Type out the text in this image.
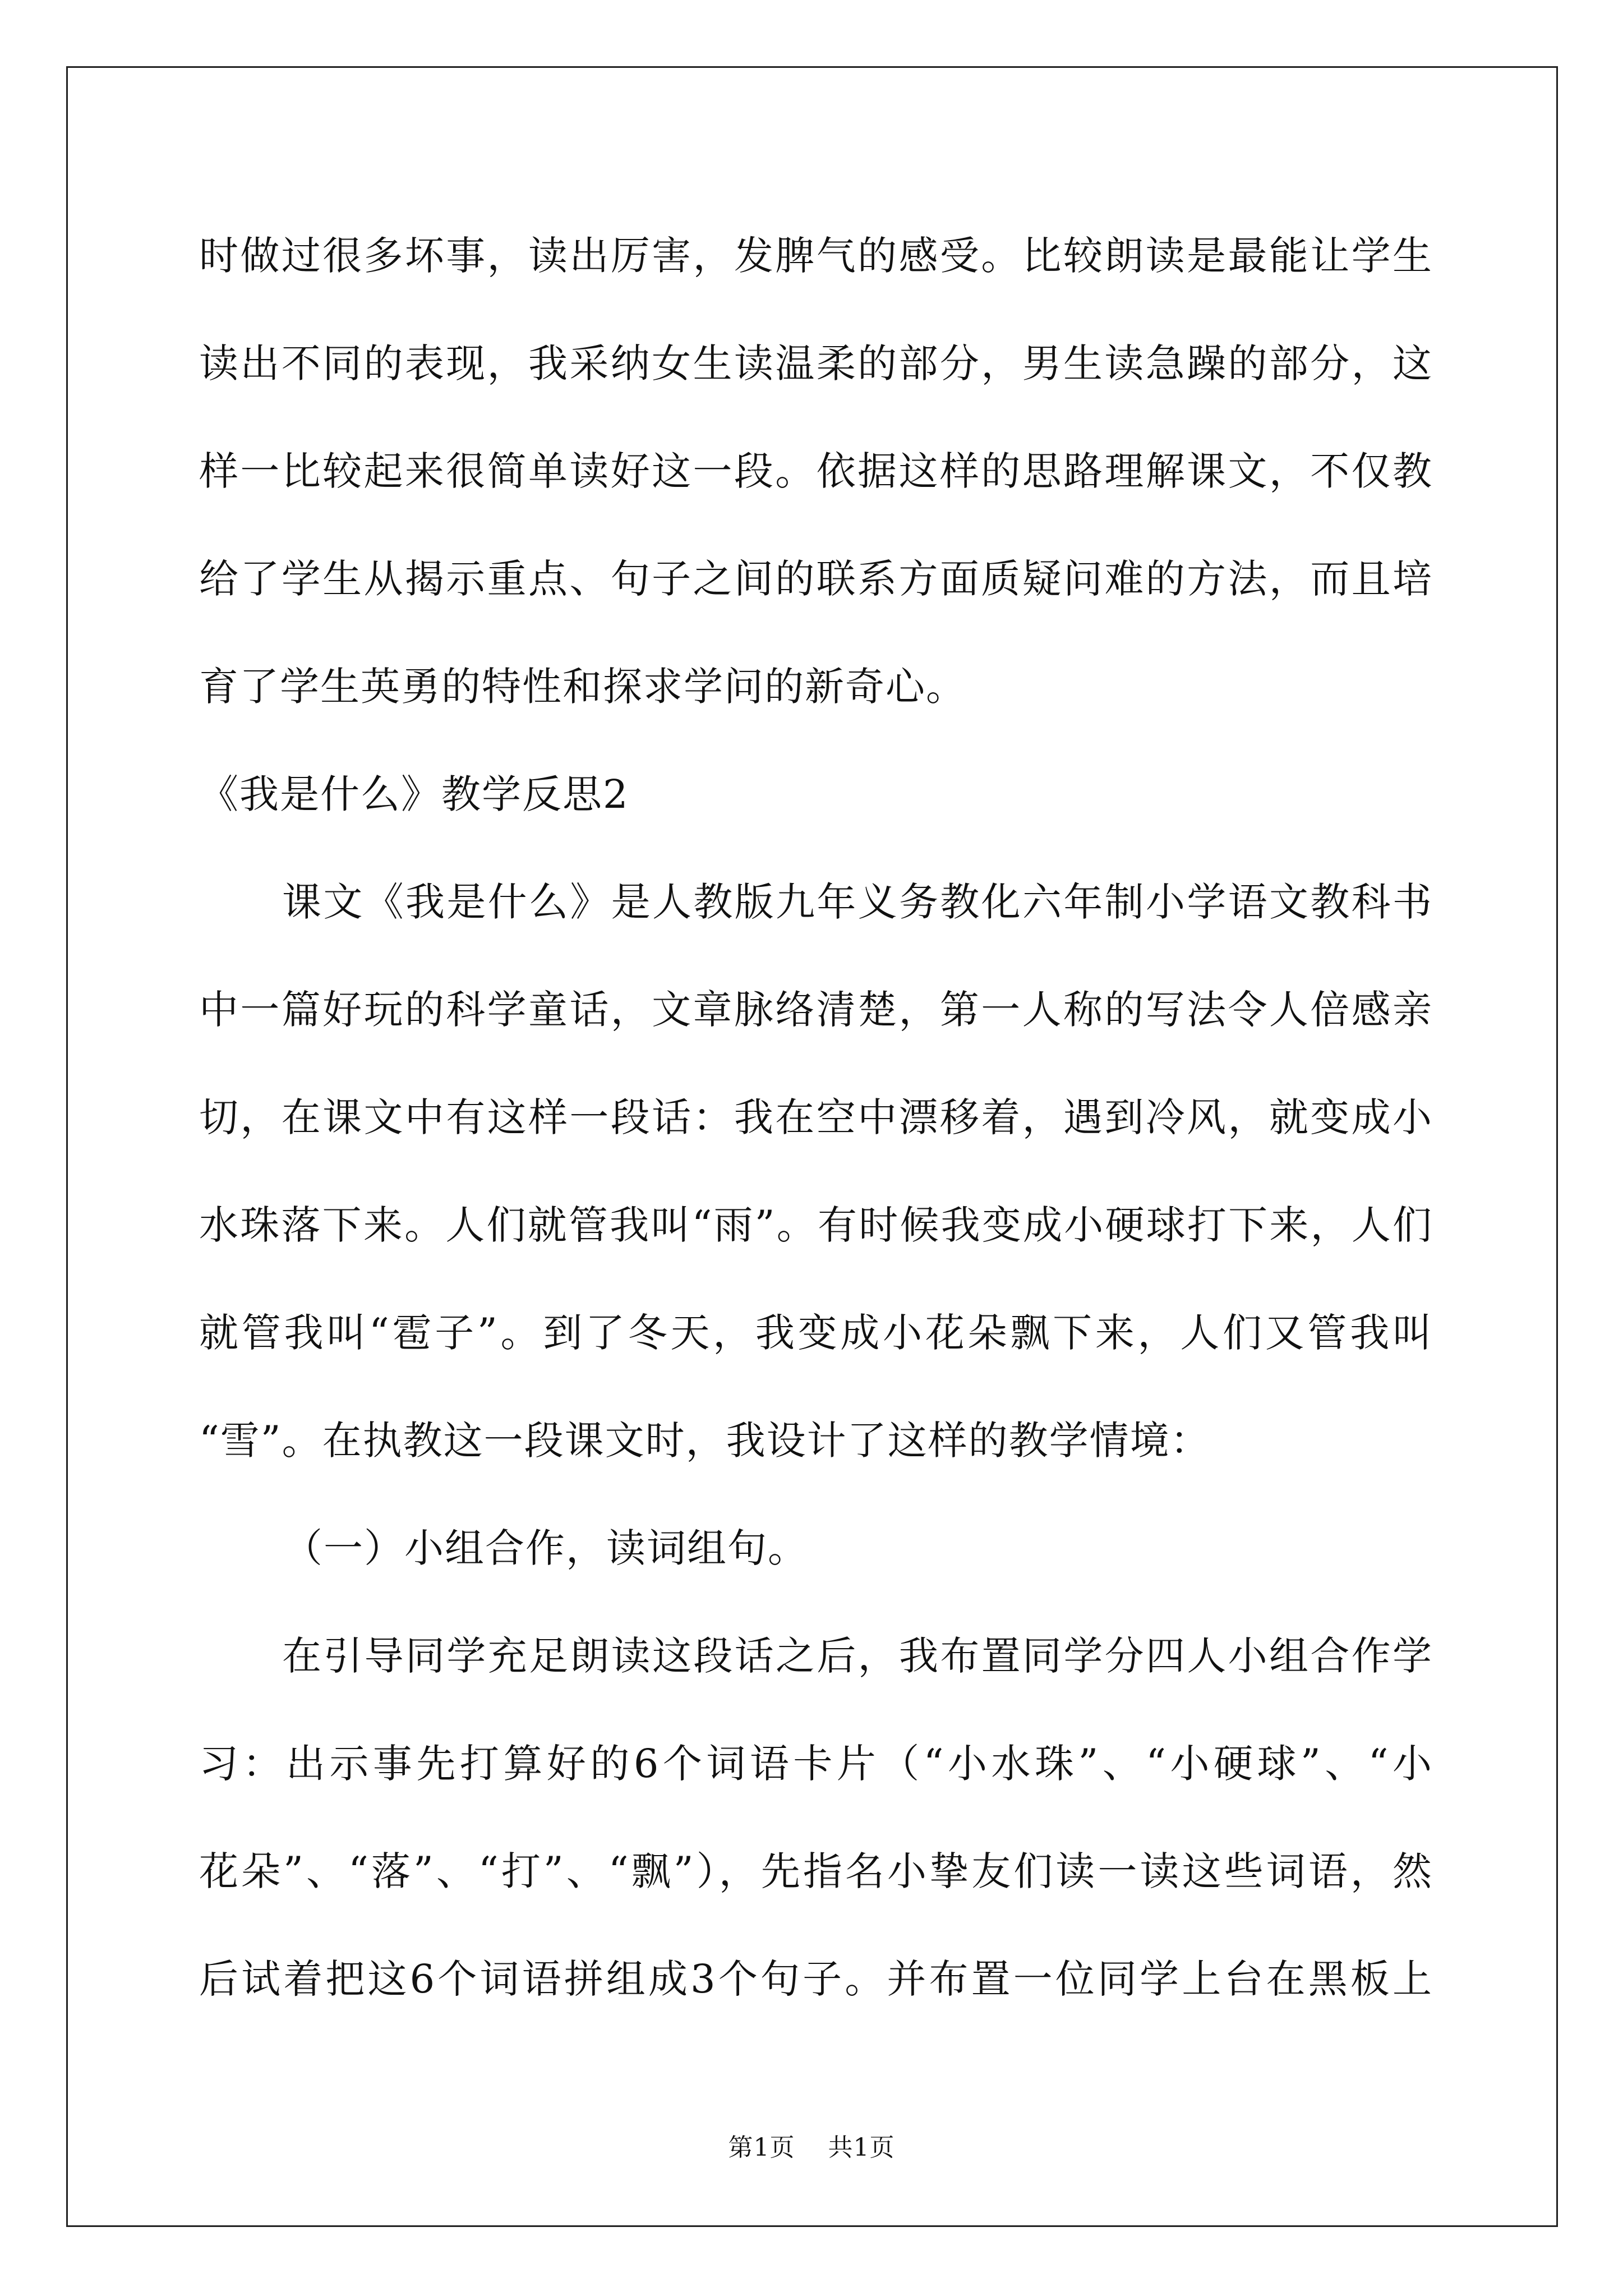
时做过很多坏事，读出厉害，发脾气的感受。比较朗读是最能让学生
读出不同的表现，我采纳女生读温柔的部分，男生读急躁的部分，这
样一比较起来很简单读好这一段。依据这样的思路理解课文，不仅教
给了学生从揭示重点、句子之间的联系方面质疑问难的方法，而且培
育了学生英勇的特性和探求学问的新奇心。
《我是什么》教学反思2
课文《我是什么》是人教版九年义务教化六年制小学语文教科书
中一篇好玩的科学童话，文章脉络清楚，第一人称的写法令人倍感亲
切，在课文中有这样一段话：我在空中漂移着，遇到冷风，就变成小
水珠落下来。人们就管我叫“雨”。有时候我变成小硬球打下来，人们
就管我叫“雹子”。到了冬天，我变成小花朵飘下来，人们又管我叫
“雪”。在执教这一段课文时，我设计了这样的教学情境：
（一）小组合作，读词组句。
在引导同学充足朗读这段话之后，我布置同学分四人小组合作学
习：出示事先打算好的6个词语卡片（“小水珠”、“小硬球”、“小
花朵”、“落”、“打”、“飘”），先指名小挚友们读一读这些词语，然
后试着把这6个词语拼组成3个句子。并布置一位同学上台在黑板上
第1页 共1页
